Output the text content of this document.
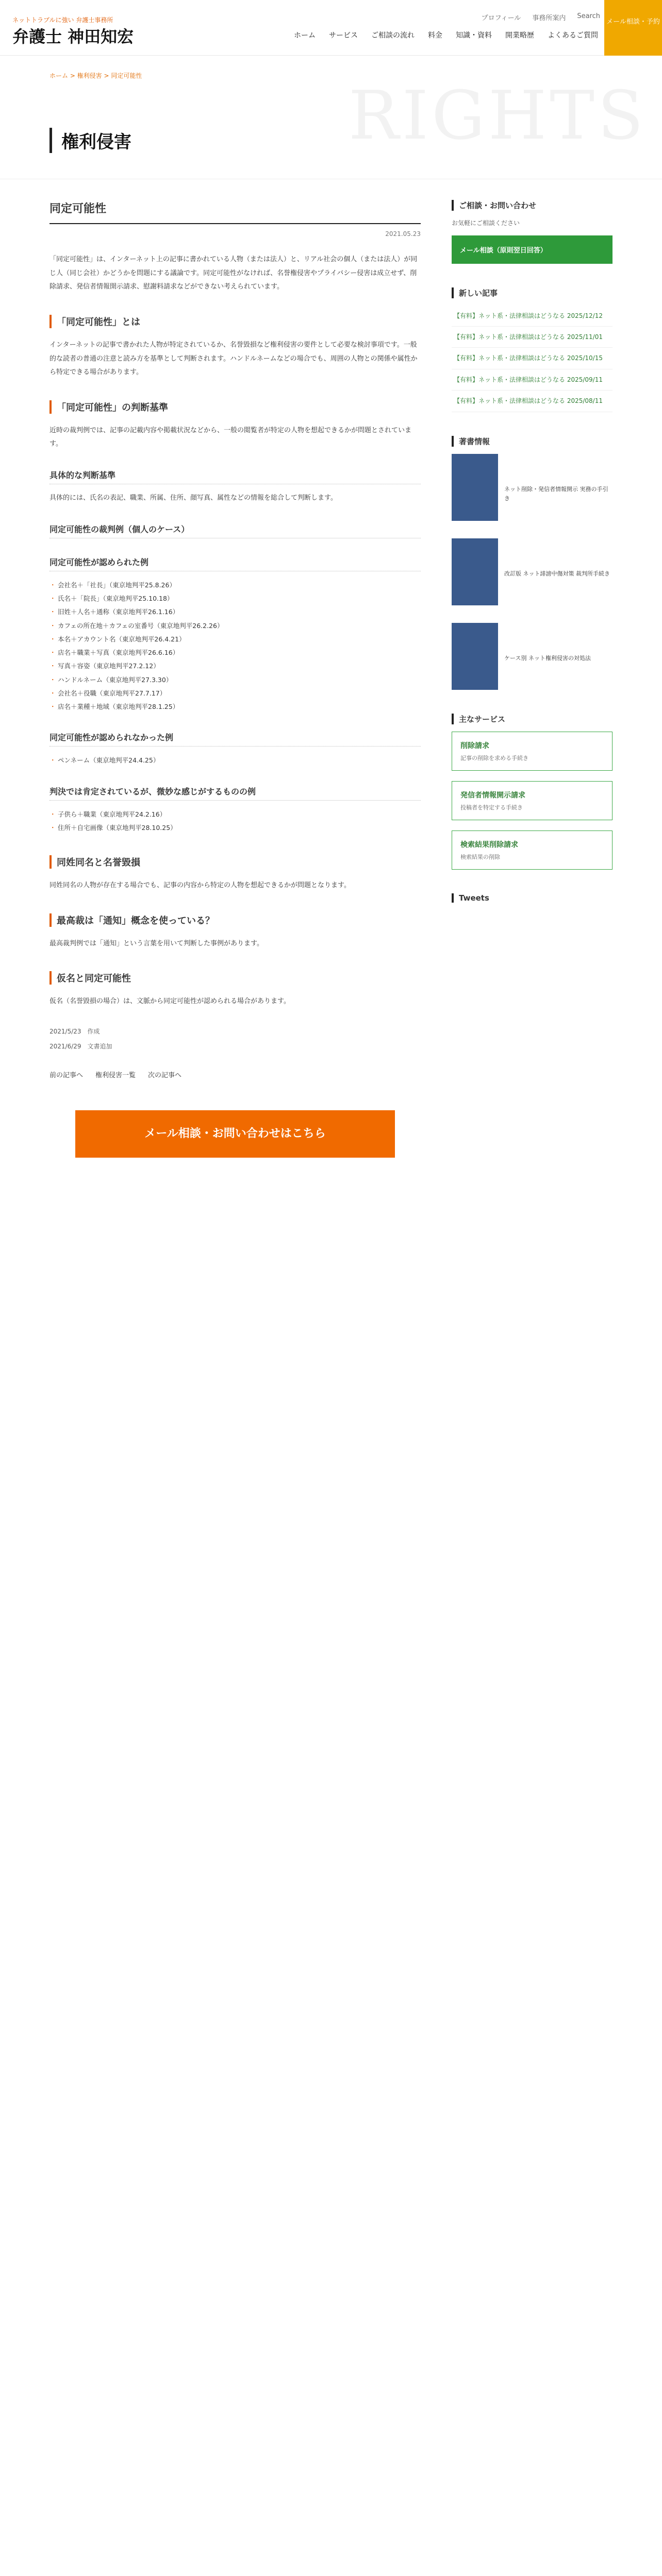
ネットトラブルに強い 弁護士事務所
弁護士 神田知宏
プロフィール 事務所案内 Search
ホーム サービス ご相談の流れ 料金 知識・資料 開業略歴 よくあるご質問
メール相談・予約
ホーム > 権利侵害 > 同定可能性
RIGHTS
権利侵害
同定可能性
2021.05.23

「同定可能性」は、インターネット上の記事に書かれている人物（または法人）と、リアル社会の個人（または法人）が同じ人（同じ会社）かどうかを問題にする議論です。同定可能性がなければ、名誉権侵害やプライバシー侵害は成立せず、削除請求、発信者情報開示請求、慰謝料請求などができない考えられています。

「同定可能性」とは

インターネットの記事で書かれた人物が特定されているか、名誉毀損など権利侵害の要件として必要な検討事項です。一般的な読者の普通の注意と読み方を基準として判断されます。ハンドルネームなどの場合でも、周囲の人物との関係や属性から特定できる場合があります。

「同定可能性」の判断基準

近時の裁判例では、記事の記載内容や掲載状況などから、一般の閲覧者が特定の人物を想起できるかが問題とされています。

具体的な判断基準

具体的には、氏名の表記、職業、所属、住所、顔写真、属性などの情報を総合して判断します。

同定可能性の裁判例（個人のケース）
同定可能性が認められた例
・ 会社名＋「社長」（東京地判平25.8.26）
・ 氏名＋「院長」（東京地判平25.10.18）
・ 旧姓＋人名＋通称（東京地判平26.1.16）
・ カフェの所在地＋カフェの室番号（東京地判平26.2.26）
・ 本名＋アカウント名（東京地判平26.4.21）
・ 店名＋職業＋写真（東京地判平26.6.16）
・ 写真＋容姿（東京地判平27.2.12）
・ ハンドルネーム（東京地判平27.3.30）
・ 会社名＋役職（東京地判平27.7.17）
・ 店名＋業種＋地域（東京地判平28.1.25）
同定可能性が認められなかった例
・ ペンネーム（東京地判平24.4.25）
判決では肯定されているが、微妙な感じがするものの例
・ 子供ら＋職業（東京地判平24.2.16）
・ 住所＋自宅画像（東京地判平28.10.25）
同姓同名と名誉毀損

同姓同名の人物が存在する場合でも、記事の内容から特定の人物を想起できるかが問題となります。

最高裁は「通知」概念を使っている？

最高裁判例では「通知」という言葉を用いて判断した事例があります。

仮名と同定可能性

仮名（名誉毀損の場合）は、文脈から同定可能性が認められる場合があります。

2021/5/23　作成
2021/6/29　文書追加
前の記事へ 権利侵害一覧 次の記事へ
メール相談・お問い合わせはこちら
ご相談・お問い合わせ

お気軽にご相談ください

メール相談（原則翌日回答）
新しい記事
【有料】ネット系・法律相談はどうなる 2025/12/12
【有料】ネット系・法律相談はどうなる 2025/11/01
【有料】ネット系・法律相談はどうなる 2025/10/15
【有料】ネット系・法律相談はどうなる 2025/09/11
【有料】ネット系・法律相談はどうなる 2025/08/11
著書情報
ネット削除・発信者情報開示 実務の手引き
改訂版 ネット誹謗中傷対策 裁判所手続き
ケース別 ネット権利侵害の対処法
主なサービス
削除請求
記事の削除を求める手続き
発信者情報開示請求
投稿者を特定する手続き
検索結果削除請求
検索結果の削除
Tweets
